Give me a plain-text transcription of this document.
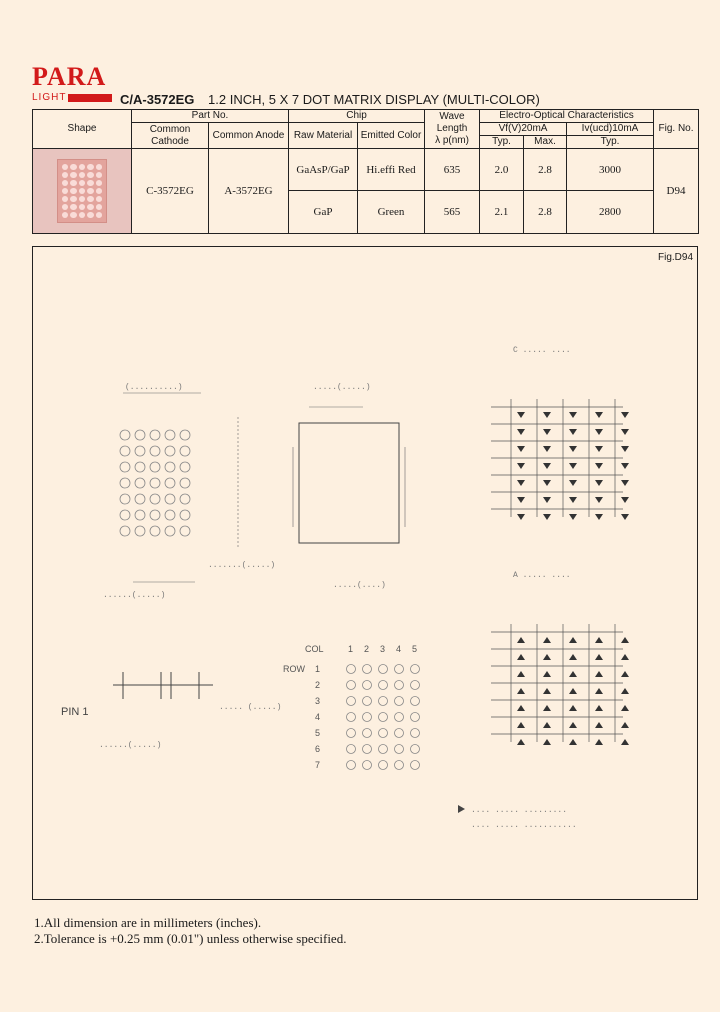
PARA
LIGHT	C/A-3572EG 1.2 INCH, 5 X 7 DOT MATRIX DISPLAY (MULTI-COLOR)
Shape	Part No.		Chip		Wave Length
λ p(nm)	Electro-Optical Characteristics			Fig. No.
	Common Cathode	Common Anode	Raw Material	Emitted Color		Vf(V)20mA		Iv(ucd)10mA	
						Typ.	Max.	Typ.	

	C-3572EG	A-3572EG	GaAsP/GaP	Hi.effi Red	635	2.0	2.8	3000	D94
			GaP	Green	565	2.1	2.8	2800	
Fig.D94
(..........)
......(.....)
.......(.....)
.....(.....)
.....(....)
PIN 1	..... (.....)
......(.....)
COL
ROW
1 2 3 4 5
1
2
3
4
5
6
7
C ..... ....
A ..... ....
.... ..... .........
.... ..... ...........
1.All dimension are in millimeters (inches).
2.Tolerance is +0.25 mm (0.01") unless otherwise specified.
